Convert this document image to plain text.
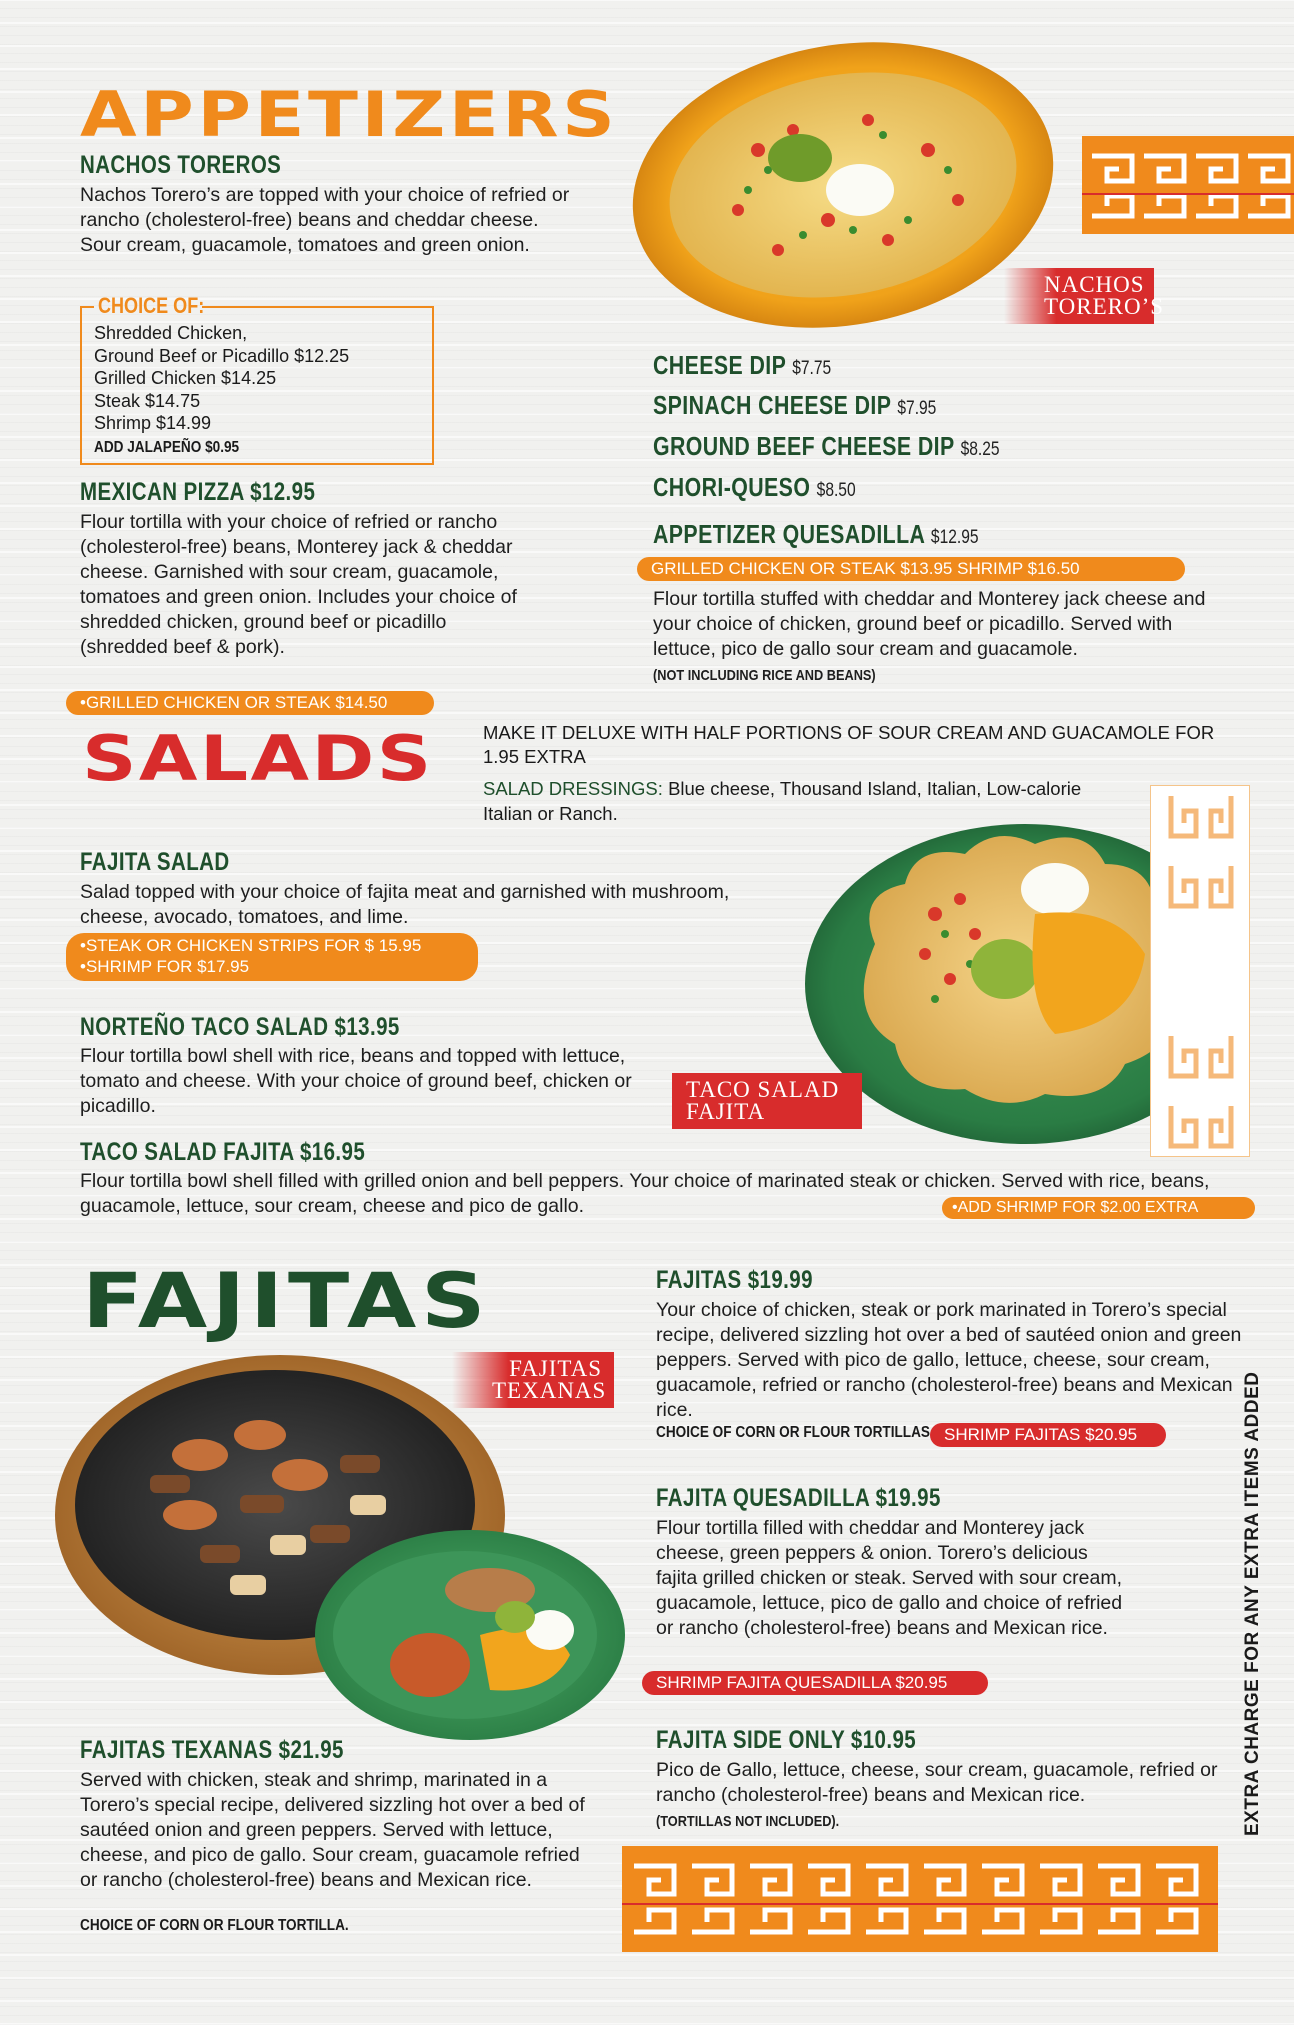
APPETIZERS
NACHOS TOREROS
Nachos Torero’s are topped with your choice of refried or rancho (cholesterol-free) beans and cheddar cheese. Sour cream, guacamole, tomatoes and green onion.
CHOICE OF:
Shredded Chicken,
Ground Beef or Picadillo $12.25
Grilled Chicken $14.25
Steak $14.75
Shrimp $14.99
ADD JALAPEÑO $0.95
MEXICAN PIZZA $12.95
Flour tortilla with your choice of refried or rancho (cholesterol-free) beans, Monterey jack & cheddar cheese. Garnished with sour cream, guacamole, tomatoes and green onion. Includes your choice of shredded chicken, ground beef or picadillo (shredded beef & pork).
•GRILLED CHICKEN OR STEAK $14.50
NACHOS
TORERO’S
CHEESE DIP $7.75
SPINACH CHEESE DIP $7.95
GROUND BEEF CHEESE DIP $8.25
CHORI-QUESO $8.50
APPETIZER QUESADILLA $12.95
GRILLED CHICKEN OR STEAK $13.95 SHRIMP $16.50
Flour tortilla stuffed with cheddar and Monterey jack cheese and your choice of chicken, ground beef or picadillo. Served with lettuce, pico de gallo sour cream and guacamole. (NOT INCLUDING RICE AND BEANS)
SALADS	MAKE IT DELUXE WITH HALF PORTIONS OF SOUR CREAM AND GUACAMOLE FOR 1.95 EXTRA
SALAD DRESSINGS: Blue cheese, Thousand Island, Italian, Low-calorie Italian or Ranch.
FAJITA SALAD
Salad topped with your choice of fajita meat and garnished with mushroom, cheese, avocado, tomatoes, and lime.
•STEAK OR CHICKEN STRIPS FOR $ 15.95
•SHRIMP FOR $17.95
NORTEÑO TACO SALAD $13.95
Flour tortilla bowl shell with rice, beans and topped with lettuce, tomato and cheese. With your choice of ground beef, chicken or picadillo.
TACO SALAD
FAJITA
TACO SALAD FAJITA $16.95
Flour tortilla bowl shell filled with grilled onion and bell peppers. Your choice of marinated steak or chicken. Served with rice, beans, guacamole, lettuce, sour cream, cheese and pico de gallo.	•ADD SHRIMP FOR $2.00 EXTRA
FAJITAS
FAJITAS
TEXANAS
FAJITAS $19.99
Your choice of chicken, steak or pork marinated in Torero’s special recipe, delivered sizzling hot over a bed of sautéed onion and green peppers. Served with pico de gallo, lettuce, cheese, sour cream, guacamole, refried or rancho (cholesterol-free) beans and Mexican rice.
CHOICE OF CORN OR FLOUR TORTILLAS SHRIMP FAJITAS $20.95
FAJITA QUESADILLA $19.95
Flour tortilla filled with cheddar and Monterey jack cheese, green peppers & onion. Torero’s delicious fajita grilled chicken or steak. Served with sour cream, guacamole, lettuce, pico de gallo and choice of refried or rancho (cholesterol-free) beans and Mexican rice.
SHRIMP FAJITA QUESADILLA $20.95
FAJITA SIDE ONLY $10.95
Pico de Gallo, lettuce, cheese, sour cream, guacamole, refried or rancho (cholesterol-free) beans and Mexican rice. (TORTILLAS NOT INCLUDED).
FAJITAS TEXANAS $21.95
Served with chicken, steak and shrimp, marinated in a Torero’s special recipe, delivered sizzling hot over a bed of sautéed onion and green peppers. Served with lettuce, cheese, and pico de gallo. Sour cream, guacamole refried or rancho (cholesterol-free) beans and Mexican rice.
CHOICE OF CORN OR FLOUR TORTILLA.
EXTRA CHARGE FOR ANY EXTRA ITEMS ADDED
